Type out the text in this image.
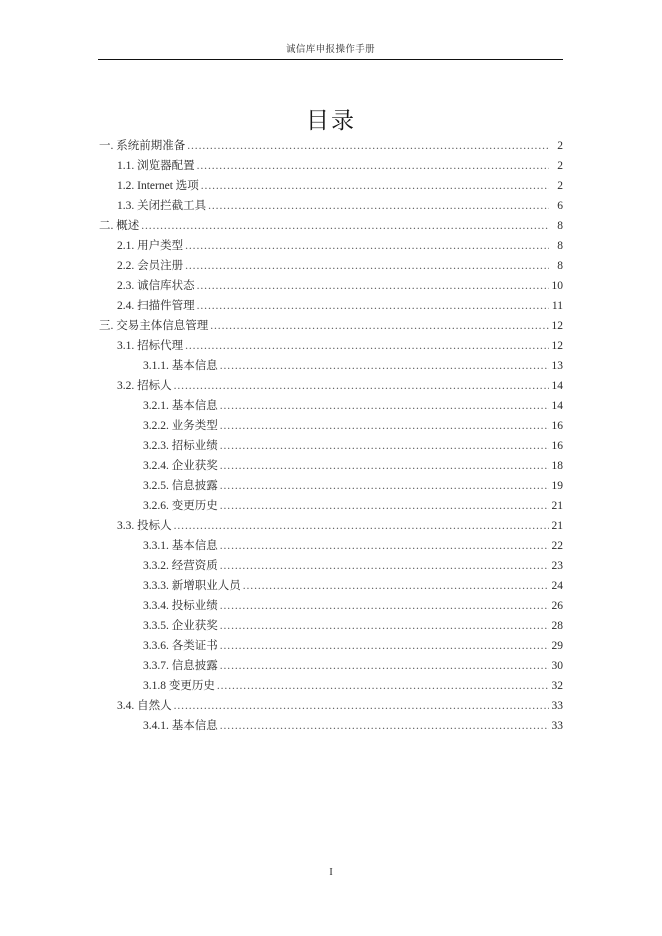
诚信库申报操作手册
目录
一. 系统前期准备 .....	2
1.1. 浏览器配置 .....	2
1.2. Internet 选项 .....	2
1.3. 关闭拦截工具 .....	6
二. 概述 .....	8
2.1. 用户类型 .....	8
2.2. 会员注册 .....	8
2.3. 诚信库状态 .....	10
2.4. 扫描件管理 .....	11
三. 交易主体信息管理 .....	12
3.1. 招标代理 .....	12
3.1.1. 基本信息 .....	13
3.2. 招标人 .....	14
3.2.1. 基本信息 .....	14
3.2.2. 业务类型 .....	16
3.2.3. 招标业绩 .....	16
3.2.4. 企业获奖 .....	18
3.2.5. 信息披露 .....	19
3.2.6. 变更历史 .....	21
3.3. 投标人 .....	21
3.3.1. 基本信息 .....	22
3.3.2. 经营资质 .....	23
3.3.3. 新增职业人员 .....	24
3.3.4. 投标业绩 .....	26
3.3.5. 企业获奖 .....	28
3.3.6. 各类证书 .....	29
3.3.7. 信息披露 .....	30
3.1.8 变更历史 .....	32
3.4. 自然人 .....	33
3.4.1. 基本信息 .....	33
I
